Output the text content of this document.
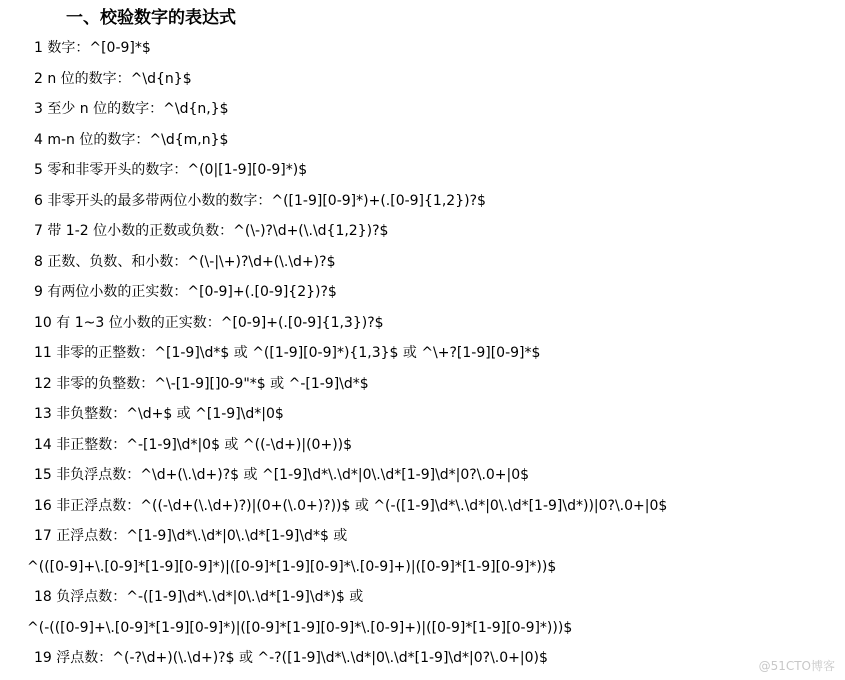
一、校验数字的表达式
1 数字：^[0-9]*$
2 n 位的数字：^\d{n}$
3 至少 n 位的数字：^\d{n,}$
4 m-n 位的数字：^\d{m,n}$
5 零和非零开头的数字：^(0|[1-9][0-9]*)$
6 非零开头的最多带两位小数的数字：^([1-9][0-9]*)+(.[0-9]{1,2})?$
7 带 1-2 位小数的正数或负数：^(\-)?\d+(\.\d{1,2})?$
8 正数、负数、和小数：^(\-|\+)?\d+(\.\d+)?$
9 有两位小数的正实数：^[0-9]+(.[0-9]{2})?$
10 有 1~3 位小数的正实数：^[0-9]+(.[0-9]{1,3})?$
11 非零的正整数：^[1-9]\d*$ 或 ^([1-9][0-9]*){1,3}$ 或 ^\+?[1-9][0-9]*$
12 非零的负整数：^\-[1-9][]0-9"*$ 或 ^-[1-9]\d*$
13 非负整数：^\d+$ 或 ^[1-9]\d*|0$
14 非正整数：^-[1-9]\d*|0$ 或 ^((-\d+)|(0+))$
15 非负浮点数：^\d+(\.\d+)?$ 或 ^[1-9]\d*\.\d*|0\.\d*[1-9]\d*|0?\.0+|0$
16 非正浮点数：^((-\d+(\.\d+)?)|(0+(\.0+)?))$ 或 ^(-([1-9]\d*\.\d*|0\.\d*[1-9]\d*))|0?\.0+|0$
17 正浮点数：^[1-9]\d*\.\d*|0\.\d*[1-9]\d*$ 或
^(([0-9]+\.[0-9]*[1-9][0-9]*)|([0-9]*[1-9][0-9]*\.[0-9]+)|([0-9]*[1-9][0-9]*))$
18 负浮点数：^-([1-9]\d*\.\d*|0\.\d*[1-9]\d*)$ 或
^(-(([0-9]+\.[0-9]*[1-9][0-9]*)|([0-9]*[1-9][0-9]*\.[0-9]+)|([0-9]*[1-9][0-9]*)))$
19 浮点数：^(-?\d+)(\.\d+)?$ 或 ^-?([1-9]\d*\.\d*|0\.\d*[1-9]\d*|0?\.0+|0)$	@51CTO博客
